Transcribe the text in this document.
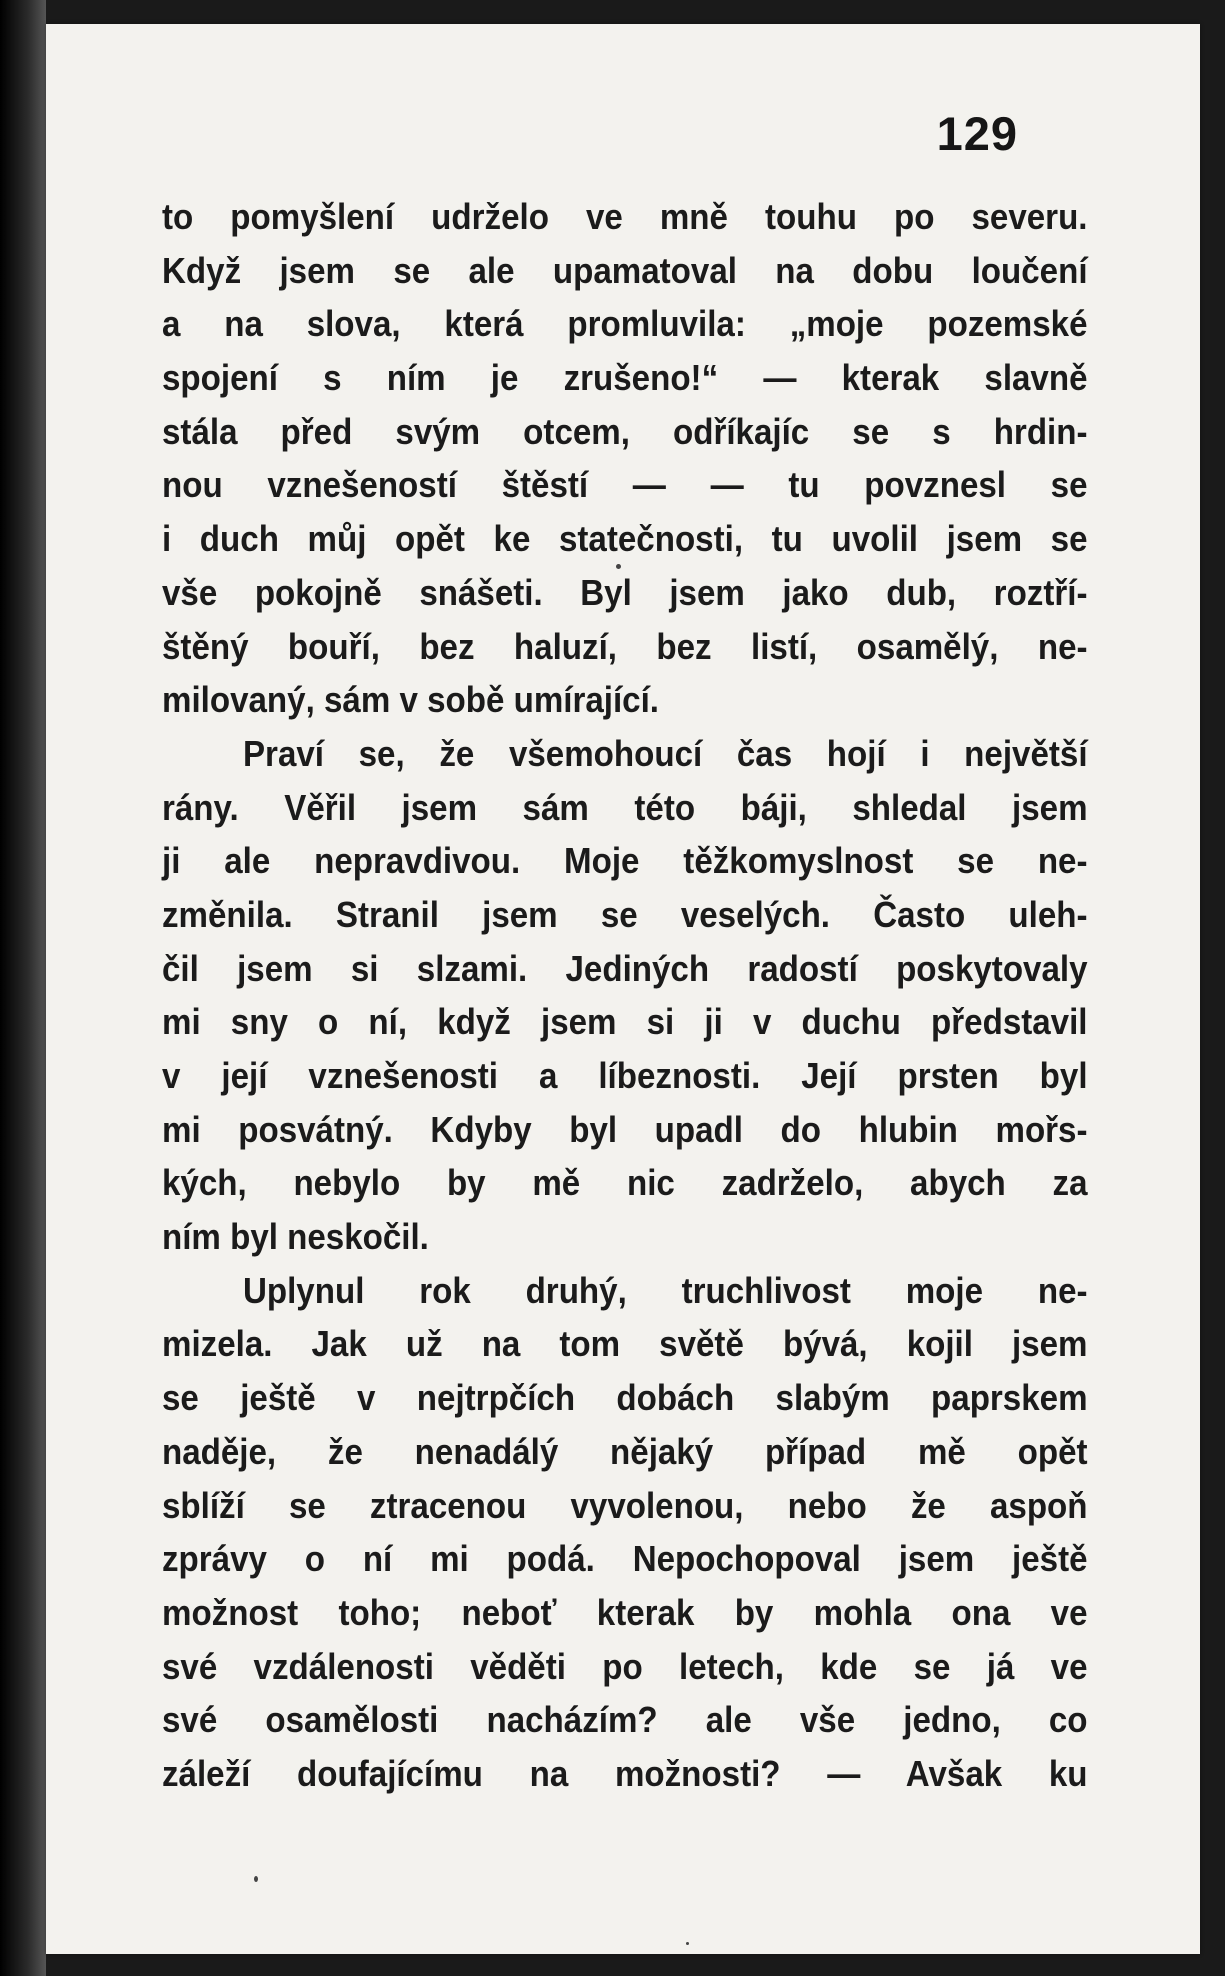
129
to pomyšlení udrželo ve mně touhu po severu.
Když jsem se ale upamatoval na dobu loučení
a na slova, která promluvila: „moje pozemské
spojení s ním je zrušeno!“ — kterak slavně
stála před svým otcem, odříkajíc se s hrdin-
nou vznešeností štěstí — — tu povznesl se
i duch můj opět ke statečnosti, tu uvolil jsem se
vše pokojně snášeti. Byl jsem jako dub, roztří-
štěný bouří, bez haluzí, bez listí, osamělý, ne-
milovaný, sám v sobě umírající.
Praví se, že všemohoucí čas hojí i největší
rány. Věřil jsem sám této báji, shledal jsem
ji ale nepravdivou. Moje těžkomyslnost se ne-
změnila. Stranil jsem se veselých. Často uleh-
čil jsem si slzami. Jediných radostí poskytovaly
mi sny o ní, když jsem si ji v duchu představil
v její vznešenosti a líbeznosti. Její prsten byl
mi posvátný. Kdyby byl upadl do hlubin mořs-
kých, nebylo by mě nic zadrželo, abych za
ním byl neskočil.
Uplynul rok druhý, truchlivost moje ne-
mizela. Jak už na tom světě bývá, kojil jsem
se ještě v nejtrpčích dobách slabým paprskem
naděje, že nenadálý nějaký případ mě opět
sblíží se ztracenou vyvolenou, nebo že aspoň
zprávy o ní mi podá. Nepochopoval jsem ještě
možnost toho; neboť kterak by mohla ona ve
své vzdálenosti věděti po letech, kde se já ve
své osamělosti nacházím? ale vše jedno, co
záleží doufajícímu na možnosti? — Avšak ku
